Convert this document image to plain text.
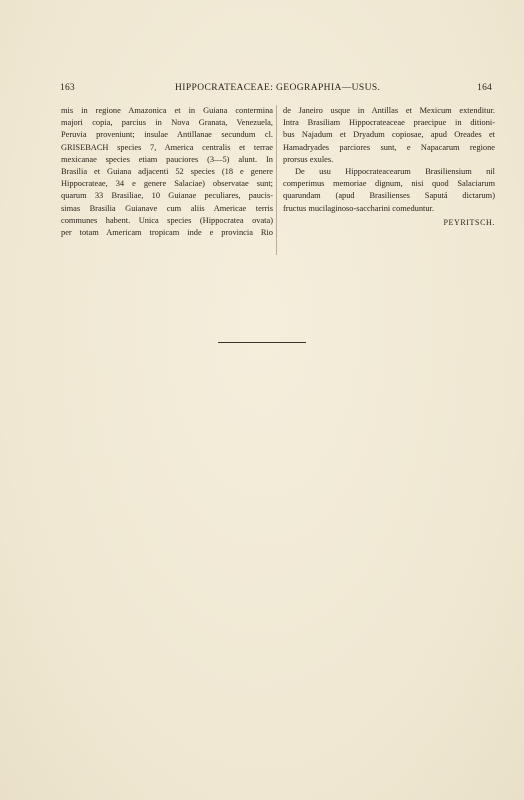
163	HIPPOCRATEACEAE: GEOGRAPHIA—USUS.	164
mis in regione Amazonica et in Guiana contermina
majori copia, parcius in Nova Granata, Venezuela,
Peruvia proveniunt; insulae Antillanae secundum cl.
GRISEBACH species 7, America centralis et terrae
mexicanae species etiam pauciores (3—5) alunt. In
Brasilia et Guiana adjacenti 52 species (18 e genere
Hippocrateae, 34 e genere Salaciae) observatae sunt;
quarum 33 Brasiliae, 10 Guianae peculiares, paucis-
simas Brasilia Guianave cum aliis Americae terris
communes habent. Unica species (Hippocratea ovata)
per totam Americam tropicam inde e provincia Rio
de Janeiro usque in Antillas et Mexicum extenditur.
Intra Brasiliam Hippocrateaceae praecipue in ditioni-
bus Najadum et Dryadum copiosae, apud Oreades et
Hamadryades parciores sunt, e Napacarum regione
prorsus exules.
De usu Hippocrateacearum Brasiliensium nil
comperimus memoriae dignum, nisi quod Salaciarum
quarundam (apud Brasilienses Saputá dictarum)
fructus mucilaginoso-saccharini comeduntur.
PEYRITSCH.
